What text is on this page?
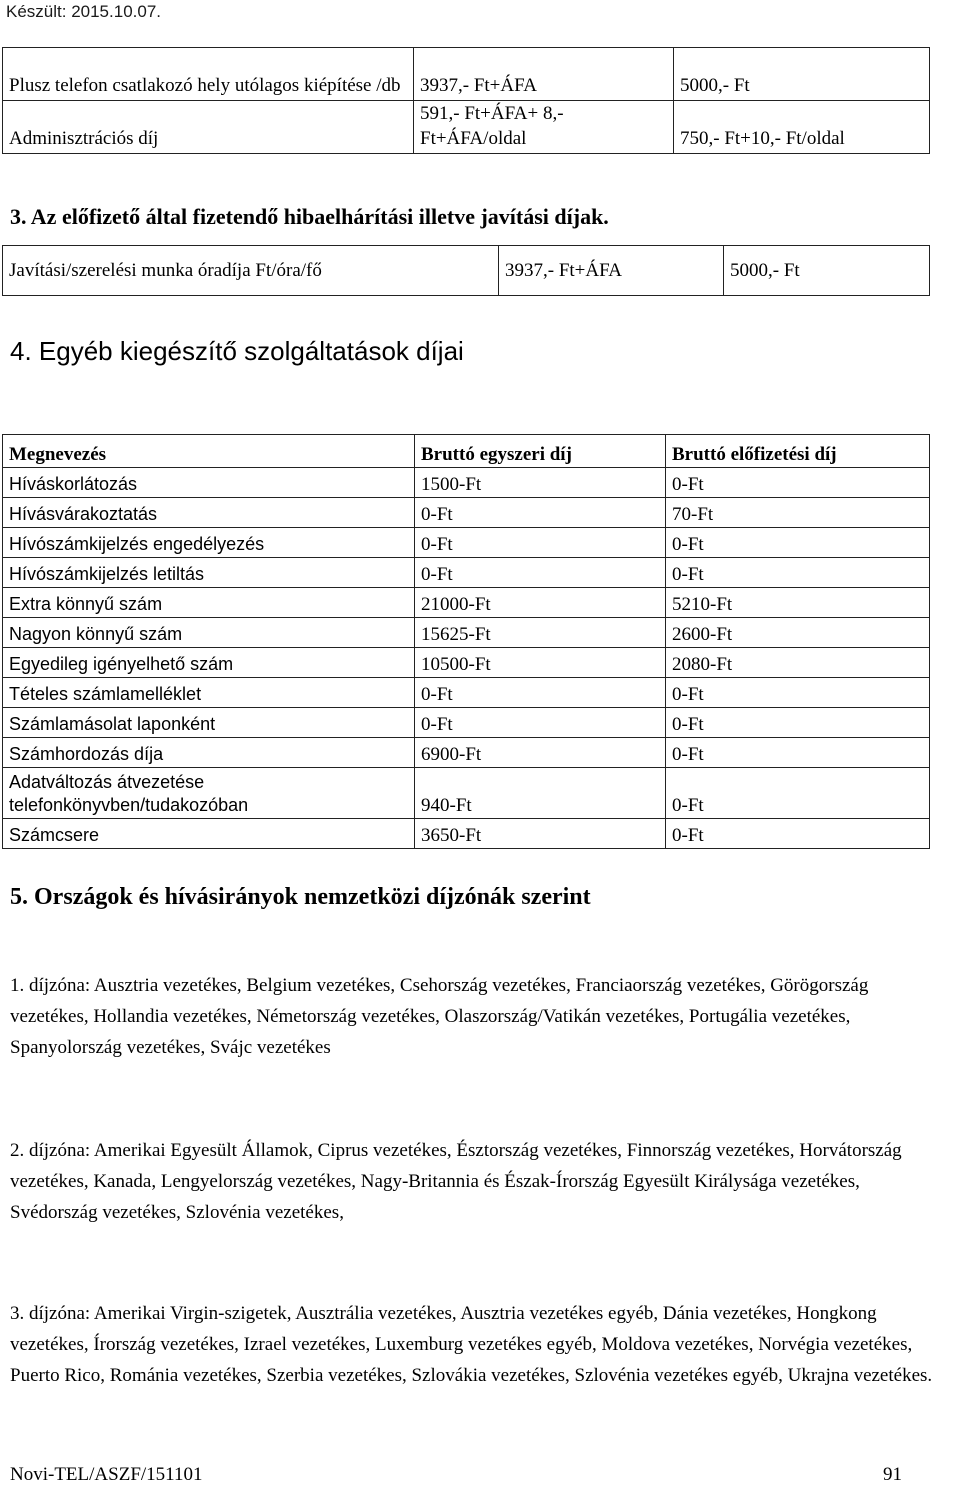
Készült: 2015.10.07.
Plusz telefon csatlakozó hely utólagos kiépítése /db	3937,- Ft+ÁFA	5000,- Ft
Adminisztrációs díj	591,- Ft+ÁFA+ 8,- Ft+ÁFA/oldal	750,- Ft+10,- Ft/oldal
3. Az előfizető által fizetendő hibaelhárítási illetve javítási díjak.
Javítási/szerelési munka óradíja Ft/óra/fő	3937,- Ft+ÁFA	5000,- Ft
4. Egyéb kiegészítő szolgáltatások díjai
Megnevezés	Bruttó egyszeri díj	Bruttó előfizetési díj
Híváskorlátozás	1500-Ft	0-Ft
Hívásvárakoztatás	0-Ft	70-Ft
Hívószámkijelzés engedélyezés	0-Ft	0-Ft
Hívószámkijelzés letiltás	0-Ft	0-Ft
Extra könnyű szám	21000-Ft	5210-Ft
Nagyon könnyű szám	15625-Ft	2600-Ft
Egyedileg igényelhető szám	10500-Ft	2080-Ft
Tételes számlamelléklet	0-Ft	0-Ft
Számlamásolat laponként	0-Ft	0-Ft
Számhordozás díja	6900-Ft	0-Ft
Adatváltozás átvezetése telefonkönyvben/tudakozóban	940-Ft	0-Ft
Számcsere	3650-Ft	0-Ft
5. Országok és hívásirányok nemzetközi díjzónák szerint
1. díjzóna: Ausztria vezetékes, Belgium vezetékes, Csehország vezetékes, Franciaország vezetékes, Görögország vezetékes, Hollandia vezetékes, Németország vezetékes, Olaszország/Vatikán vezetékes, Portugália vezetékes, Spanyolország vezetékes, Svájc vezetékes
2. díjzóna: Amerikai Egyesült Államok, Ciprus vezetékes, Észtország vezetékes, Finnország vezetékes, Horvátország vezetékes, Kanada, Lengyelország vezetékes, Nagy-Britannia és Észak-Írország Egyesült Királysága vezetékes, Svédország vezetékes, Szlovénia vezetékes,
3. díjzóna: Amerikai Virgin-szigetek, Ausztrália vezetékes, Ausztria vezetékes egyéb, Dánia vezetékes, Hongkong vezetékes, Írország vezetékes, Izrael vezetékes, Luxemburg vezetékes egyéb, Moldova vezetékes, Norvégia vezetékes, Puerto Rico, Románia vezetékes, Szerbia vezetékes, Szlovákia vezetékes, Szlovénia vezetékes egyéb, Ukrajna vezetékes.
Novi-TEL/ASZF/151101	91
